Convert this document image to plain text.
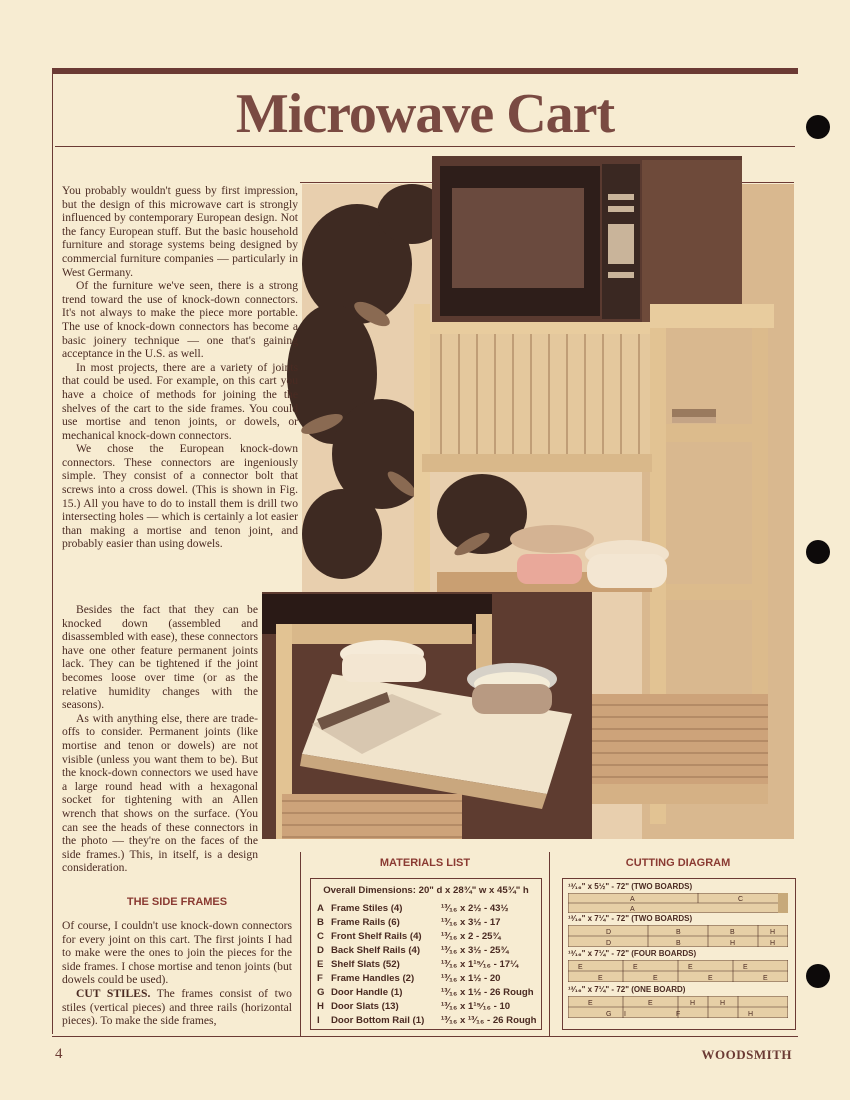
Microwave Cart

You probably wouldn't guess by first impression, but the design of this microwave cart is strongly influenced by contemporary European design. Not the fancy European stuff. But the basic household furniture and storage systems being designed by commercial furniture companies — particularly in West Germany.

Of the furniture we've seen, there is a strong trend toward the use of knock-down connectors. It's not always to make the piece more portable. The use of knock-down connectors has become a basic joinery technique — one that's gaining acceptance in the U.S. as well.

In most projects, there are a variety of joints that could be used. For example, on this cart you have a choice of methods for joining the the shelves of the cart to the side frames. You could use mortise and tenon joints, or dowels, or mechanical knock-down connectors.

We chose the European knock-down connectors. These connectors are ingeniously simple. They consist of a connector bolt that screws into a cross dowel. (This is shown in Fig. 15.) All you have to do to install them is drill two intersecting holes — which is certainly a lot easier than making a mortise and tenon joint, and probably easier than using dowels.

Besides the fact that they can be knocked down (assembled and disassembled with ease), these connectors have one other feature permanent joints lack. They can be tightened if the joint becomes loose over time (or as the relative humidity changes with the seasons).

As with anything else, there are trade-offs to consider. Permanent joints (like mortise and tenon or dowels) are not visible (unless you want them to be). But the knock-down connectors we used have a large round head with a hexagonal socket for tightening with an Allen wrench that shows on the surface. (You can see the heads of these connectors in the photo — they're on the faces of the side frames.) This, in itself, is a design consideration.

THE SIDE FRAMES

Of course, I couldn't use knock-down connectors for every joint on this cart. The first joints I had to make were the ones to join the pieces for the side frames. I chose mortise and tenon joints (but dowels could be used).

CUT STILES. The frames consist of two stiles (vertical pieces) and three rails (horizontal pieces). To make the side frames,

MATERIALS LIST
Overall Dimensions: 20" d x 28¾" w x 45¾" h
A Frame Stiles (4)	¹³⁄₁₆ x 2½ - 43½
B Frame Rails (6)	¹³⁄₁₆ x 3½ - 17
C Front Shelf Rails (4) ¹³⁄₁₆ x 2 - 25¾
D Back Shelf Rails (4) ¹³⁄₁₆ x 3½ - 25¾
E Shelf Slats (52)	¹³⁄₁₆ x 1¹⁵⁄₁₆ - 17¼
F Frame Handles (2)	¹³⁄₁₆ x 1½ - 20
G Door Handle (1)	¹³⁄₁₆ x 1½ - 26 Rough
H Door Slats (13)	¹³⁄₁₆ x 1¹⁵⁄₁₆ - 10
I	Door Bottom Rail (1) ¹³⁄₁₆ x ¹³⁄₁₆ - 26 Rough
CUTTING DIAGRAM
¹³⁄₁₆" x 5½" - 72" (TWO BOARDS)
A	C
A
¹³⁄₁₆" x 7¼" - 72" (TWO BOARDS)
D	B	B	H
D	B	H	H
¹³⁄₁₆" x 7¼" - 72" (FOUR BOARDS)
E	E	E	E
E	E	E	E
¹³⁄₁₆" x 7¼" - 72" (ONE BOARD)
E	E	H	H
G I	F	H
4	WOODSMITH
